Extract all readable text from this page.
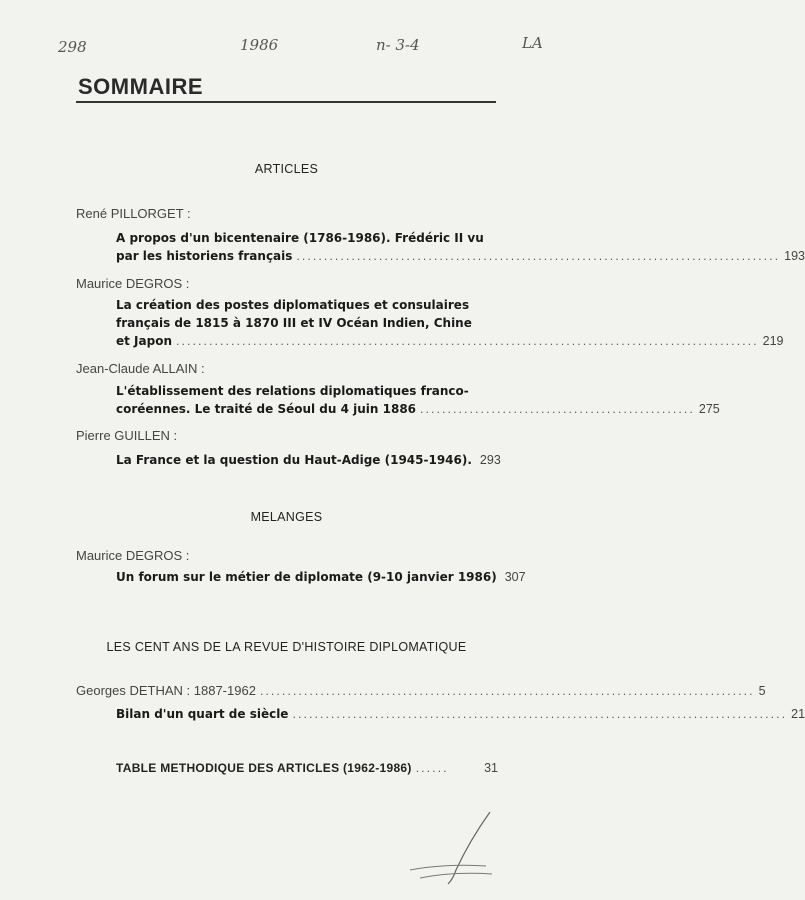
298	1986	n- 3-4	LA
SOMMAIRE
ARTICLES
René PILLORGET :
A propos d'un bicentenaire (1786-1986). Frédéric II vu
par les historiens français ........................................................................................ 193
Maurice DEGROS :
La création des postes diplomatiques et consulaires
français de 1815 à 1870 III et IV Océan Indien, Chine
et Japon .......................................................................................................... 219
Jean-Claude ALLAIN :
L'établissement des relations diplomatiques franco-
coréennes. Le traité de Séoul du 4 juin 1886 .................................................. 275
Pierre GUILLEN :
La France et la question du Haut-Adige (1945-1946). 293
MELANGES
Maurice DEGROS :
Un forum sur le métier de diplomate (9-10 janvier 1986) 307
LES CENT ANS DE LA REVUE D'HISTOIRE DIPLOMATIQUE
Georges DETHAN : 1887-1962 .......................................................................................... 5
Bilan d'un quart de siècle .......................................................................................... 21
TABLE METHODIQUE DES ARTICLES (1962-1986) ......	31
